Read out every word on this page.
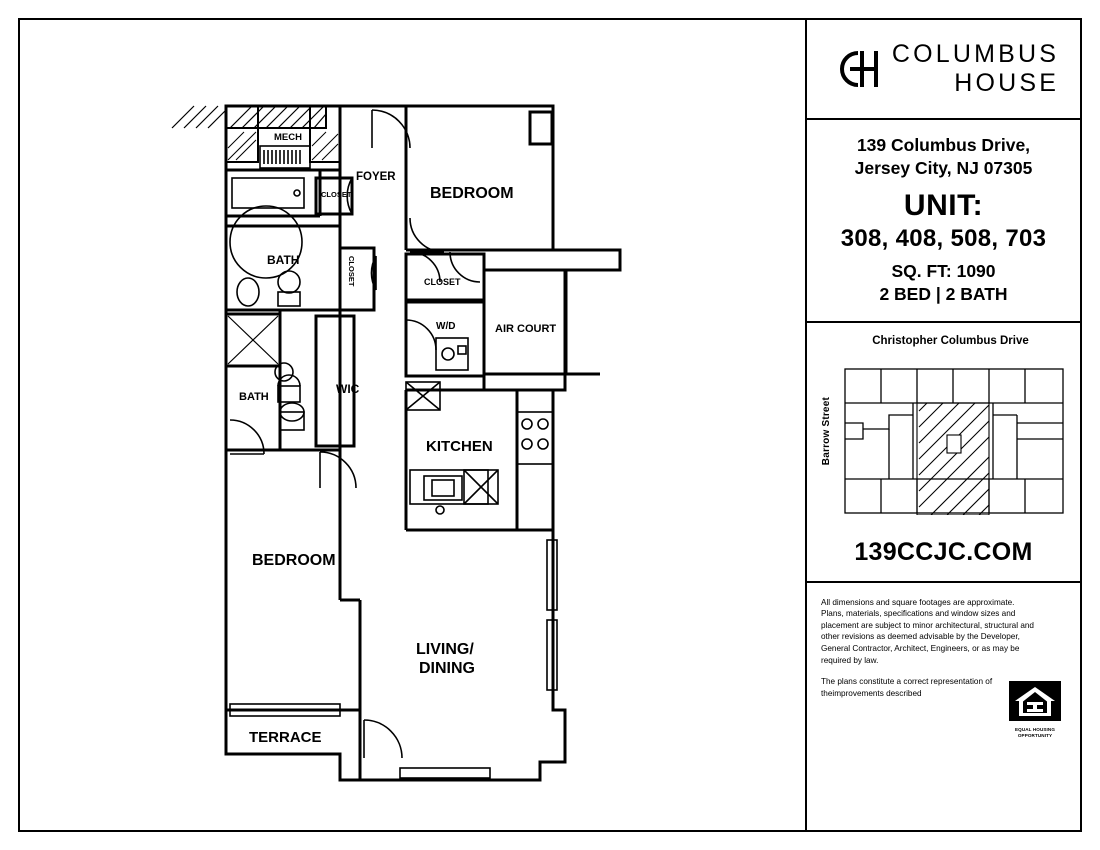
MECH
FOYER
CLOSET	BEDROOM
BATH	CLOSET	CLOSET
AIR COURT
W/D
BATH
WIC
KITCHEN
BEDROOM
LIVING/
DINING
TERRACE
COLUMBUS
HOUSE
139 Columbus Drive,
Jersey City, NJ 07305
UNIT:
308, 408, 508, 703
SQ. FT: 1090
2 BED | 2 BATH
Christopher Columbus Drive
Barrow Street
139CCJC.COM
All dimensions and square footages are approximate. Plans, materials, specifications and window sizes and placement are subject to minor architectural, structural and other revisions as deemed advisable by the Developer, General Contractor, Architect, Engineers, or as may be required by law.
The plans constitute a correct representation of theimprovements described
EQUAL HOUSING
OPPORTUNITY
